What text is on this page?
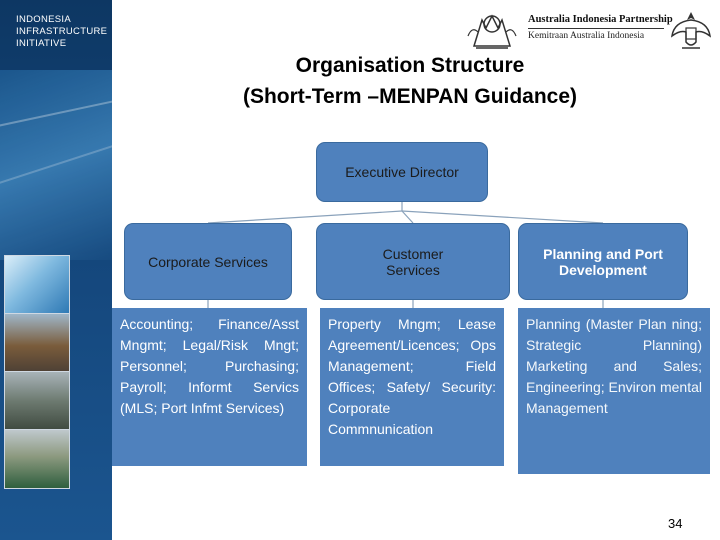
INDONESIA
INFRASTRUCTURE
INITIATIVE
Australia Indonesia Partnership
Kemitraan Australia Indonesia
Organisation Structure
(Short-Term –MENPAN Guidance)
Executive Director
Corporate Services	Customer Services
Planning and Port Development
Accounting; Finance/Asst Mngmt; Legal/Risk Mngt; Personnel; Purchasing; Payroll; Informt Servics (MLS; Port Infmt Services)
Property Mngm; Lease Agreement/Licences; Ops Management; Field Offices; Safety/ Security: Corporate Commnunication
Planning (Master Plan ning; Strategic Planning) Marketing and Sales; Engineering; Environ mental Management
34
